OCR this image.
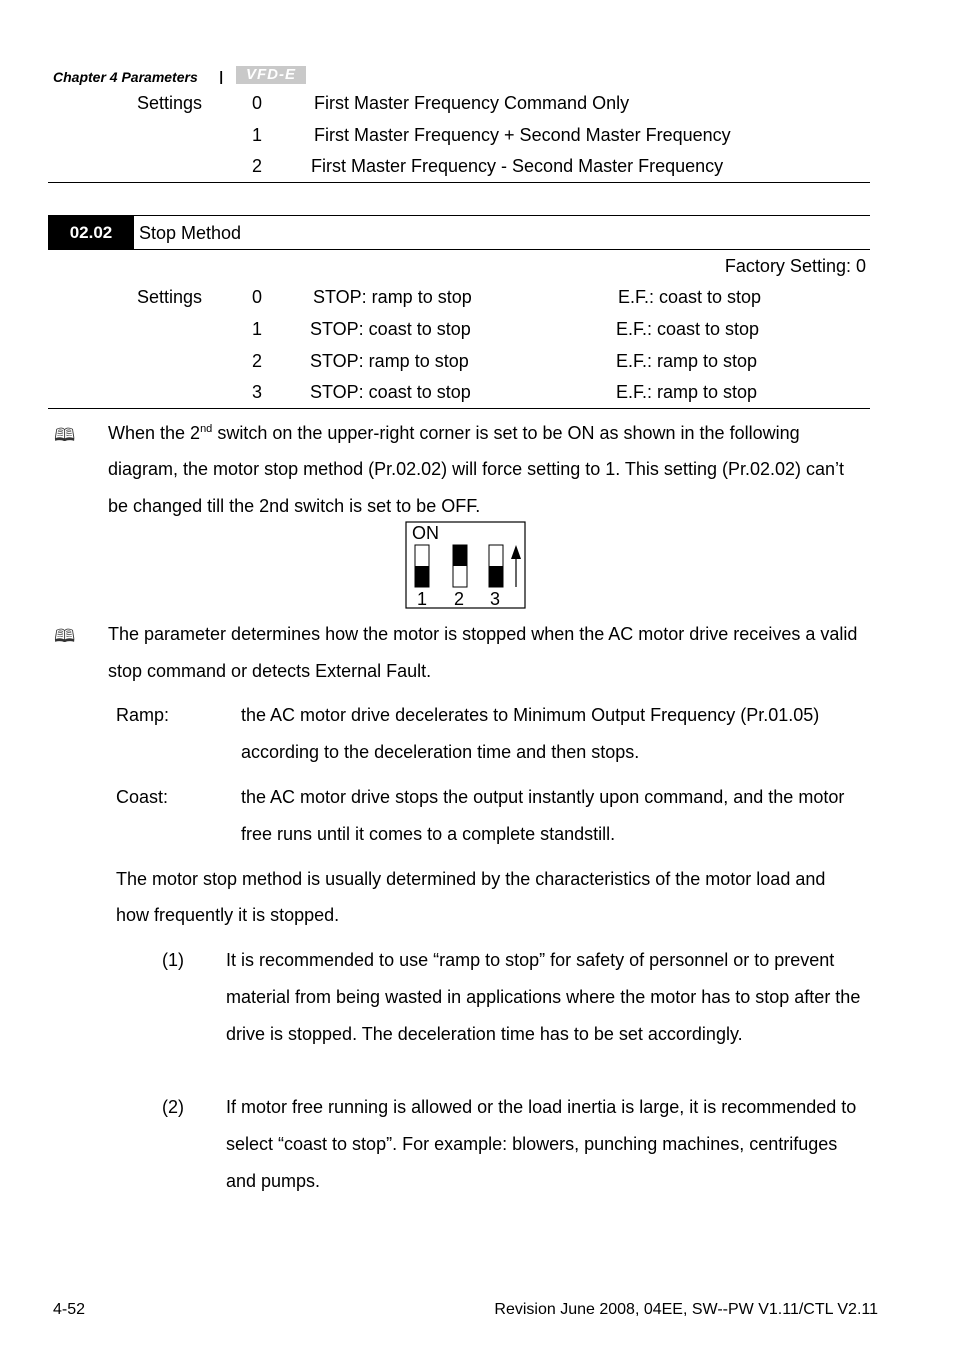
Chapter 4 Parameters |	VFD-E
Settings	0	First Master Frequency Command Only
1	First Master Frequency + Second Master Frequency
2	First Master Frequency - Second Master Frequency
02.02	Stop Method
Factory Setting: 0
Settings	0	STOP: ramp to stop	E.F.: coast to stop
1	STOP: coast to stop	E.F.: coast to stop
2	STOP: ramp to stop	E.F.: ramp to stop
3	STOP: coast to stop	E.F.: ramp to stop
🕮 When the 2nd switch on the upper-right corner is set to be ON as shown in the following
diagram, the motor stop method (Pr.02.02) will force setting to 1. This setting (Pr.02.02) can’t
be changed till the 2nd switch is set to be OFF.
ON
1 2 3
🕮 The parameter determines how the motor is stopped when the AC motor drive receives a valid
stop command or detects External Fault.
Ramp:	the AC motor drive decelerates to Minimum Output Frequency (Pr.01.05)
according to the deceleration time and then stops.
Coast:	the AC motor drive stops the output instantly upon command, and the motor
free runs until it comes to a complete standstill.
The motor stop method is usually determined by the characteristics of the motor load and
how frequently it is stopped.
(1) It is recommended to use “ramp to stop” for safety of personnel or to prevent
material from being wasted in applications where the motor has to stop after the
drive is stopped. The deceleration time has to be set accordingly.
(2) If motor free running is allowed or the load inertia is large, it is recommended to
select “coast to stop”. For example: blowers, punching machines, centrifuges
and pumps.
4-52	Revision June 2008, 04EE, SW--PW V1.11/CTL V2.11
